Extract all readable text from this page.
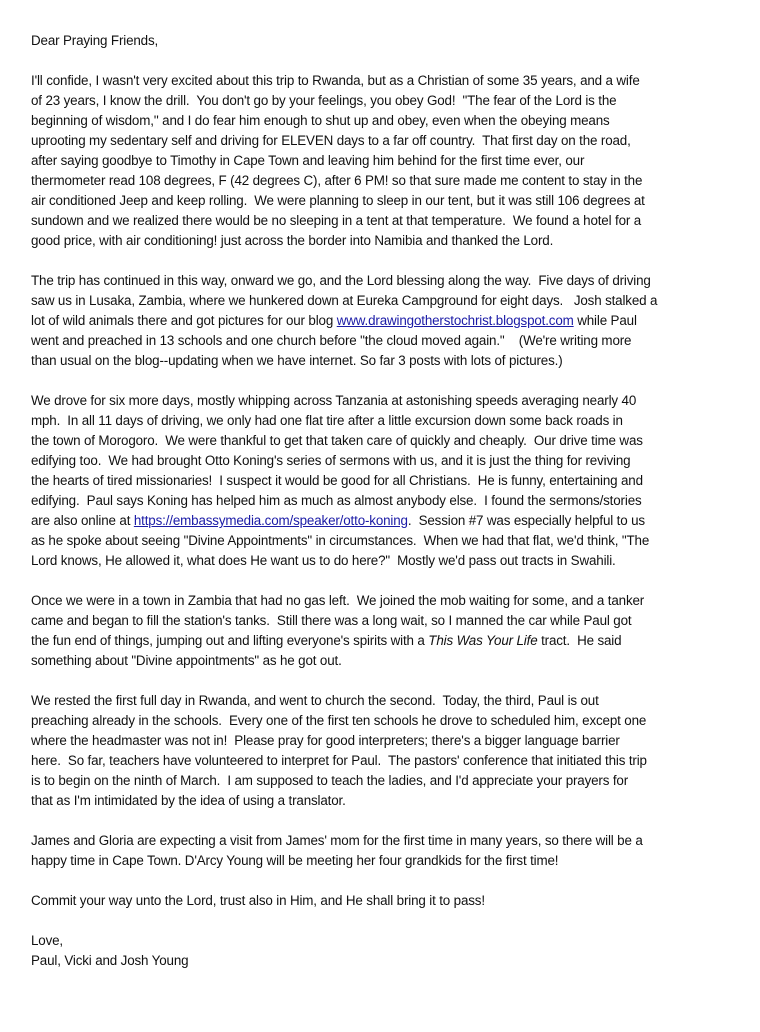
Dear Praying Friends,

I'll confide, I wasn't very excited about this trip to Rwanda, but as a Christian of some 35 years, and a wife
of 23 years, I know the drill.  You don't go by your feelings, you obey God!  "The fear of the Lord is the
beginning of wisdom,'' and I do fear him enough to shut up and obey, even when the obeying means
uprooting my sedentary self and driving for ELEVEN days to a far off country.  That first day on the road,
after saying goodbye to Timothy in Cape Town and leaving him behind for the first time ever, our
thermometer read 108 degrees, F (42 degrees C), after 6 PM! so that sure made me content to stay in the
air conditioned Jeep and keep rolling.  We were planning to sleep in our tent, but it was still 106 degrees at
sundown and we realized there would be no sleeping in a tent at that temperature.  We found a hotel for a
good price, with air conditioning! just across the border into Namibia and thanked the Lord.

The trip has continued in this way, onward we go, and the Lord blessing along the way.  Five days of driving
saw us in Lusaka, Zambia, where we hunkered down at Eureka Campground for eight days.   Josh stalked a
lot of wild animals there and got pictures for our blog www.drawingotherstochrist.blogspot.com while Paul
went and preached in 13 schools and one church before "the cloud moved again."    (We're writing more
than usual on the blog--updating when we have internet. So far 3 posts with lots of pictures.)

We drove for six more days, mostly whipping across Tanzania at astonishing speeds averaging nearly 40
mph.  In all 11 days of driving, we only had one flat tire after a little excursion down some back roads in
the town of Morogoro.  We were thankful to get that taken care of quickly and cheaply.  Our drive time was
edifying too.  We had brought Otto Koning's series of sermons with us, and it is just the thing for reviving
the hearts of tired missionaries!  I suspect it would be good for all Christians.  He is funny, entertaining and
edifying.  Paul says Koning has helped him as much as almost anybody else.  I found the sermons/stories
are also online at https://embassymedia.com/speaker/otto-koning.  Session #7 was especially helpful to us
as he spoke about seeing "Divine Appointments" in circumstances.  When we had that flat, we'd think, "The
Lord knows, He allowed it, what does He want us to do here?"  Mostly we'd pass out tracts in Swahili.

Once we were in a town in Zambia that had no gas left.  We joined the mob waiting for some, and a tanker
came and began to fill the station's tanks.  Still there was a long wait, so I manned the car while Paul got
the fun end of things, jumping out and lifting everyone's spirits with a This Was Your Life tract.  He said
something about "Divine appointments" as he got out.

We rested the first full day in Rwanda, and went to church the second.  Today, the third, Paul is out
preaching already in the schools.  Every one of the first ten schools he drove to scheduled him, except one
where the headmaster was not in!  Please pray for good interpreters; there's a bigger language barrier
here.  So far, teachers have volunteered to interpret for Paul.  The pastors' conference that initiated this trip
is to begin on the ninth of March.  I am supposed to teach the ladies, and I'd appreciate your prayers for
that as I'm intimidated by the idea of using a translator.

James and Gloria are expecting a visit from James' mom for the first time in many years, so there will be a
happy time in Cape Town. D'Arcy Young will be meeting her four grandkids for the first time!

Commit your way unto the Lord, trust also in Him, and He shall bring it to pass!

Love,
Paul, Vicki and Josh Young
